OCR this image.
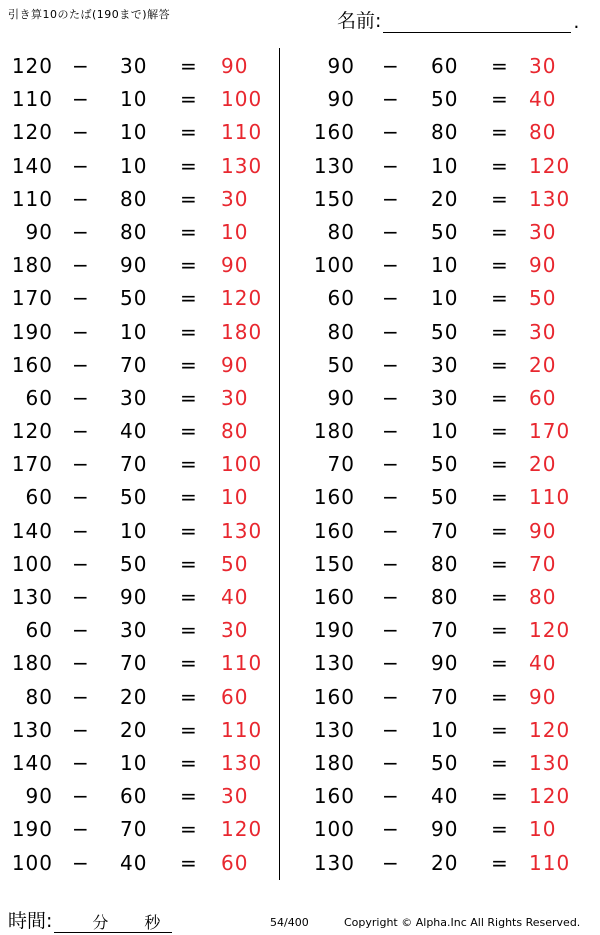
引き算10のたば(190まで)解答	名前:	.
120 − 30 = 90
110 − 10 = 100
120 − 10 = 110
140 − 10 = 130
110 − 80 = 30
90 − 80 = 10
180 − 90 = 90
170 − 50 = 120
190 − 10 = 180
160 − 70 = 90
60 − 30 = 30
120 − 40 = 80
170 − 70 = 100
60 − 50 = 10
140 − 10 = 130
100 − 50 = 50
130 − 90 = 40
60 − 30 = 30
180 − 70 = 110
80 − 20 = 60
130 − 20 = 110
140 − 10 = 130
90 − 60 = 30
190 − 70 = 120
100 − 40 = 60
90 − 60 = 30
90 − 50 = 40
160 − 80 = 80
130 − 10 = 120
150 − 20 = 130
80 − 50 = 30
100 − 10 = 90
60 − 10 = 50
80 − 50 = 30
50 − 30 = 20
90 − 30 = 60
180 − 10 = 170
70 − 50 = 20
160 − 50 = 110
160 − 70 = 90
150 − 80 = 70
160 − 80 = 80
190 − 70 = 120
130 − 90 = 40
160 − 70 = 90
130 − 10 = 120
180 − 50 = 130
160 − 40 = 120
100 − 90 = 10
130 − 20 = 110
時間:	分 秒	54/400	Copyright © Alpha.Inc All Rights Reserved.
